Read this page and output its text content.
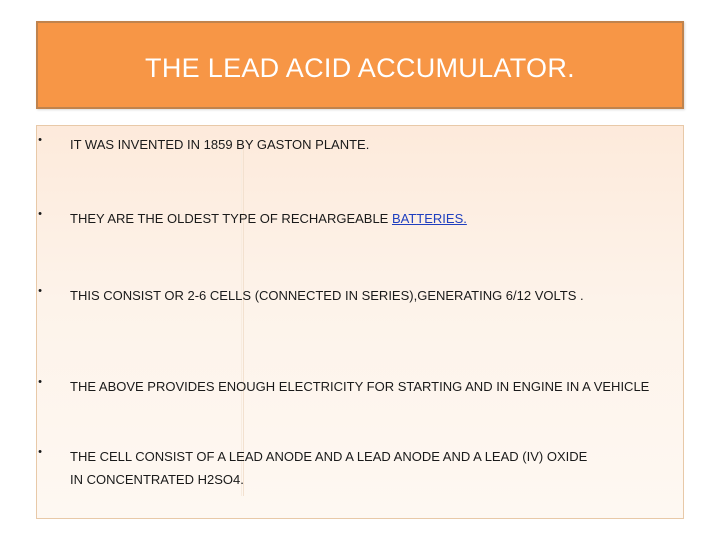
THE LEAD ACID ACCUMULATOR.
• IT WAS INVENTED IN 1859 BY GASTON PLANTE.
• THEY ARE THE OLDEST TYPE OF RECHARGEABLE BATTERIES.
• THIS CONSIST OR 2-6 CELLS (CONNECTED IN SERIES),GENERATING 6/12 VOLTS .
• THE ABOVE PROVIDES ENOUGH ELECTRICITY FOR STARTING AND IN ENGINE IN A VEHICLE
• THE CELL CONSIST OF A LEAD ANODE AND A LEAD ANODE AND A LEAD (IV) OXIDE
IN CONCENTRATED H2SO4.
